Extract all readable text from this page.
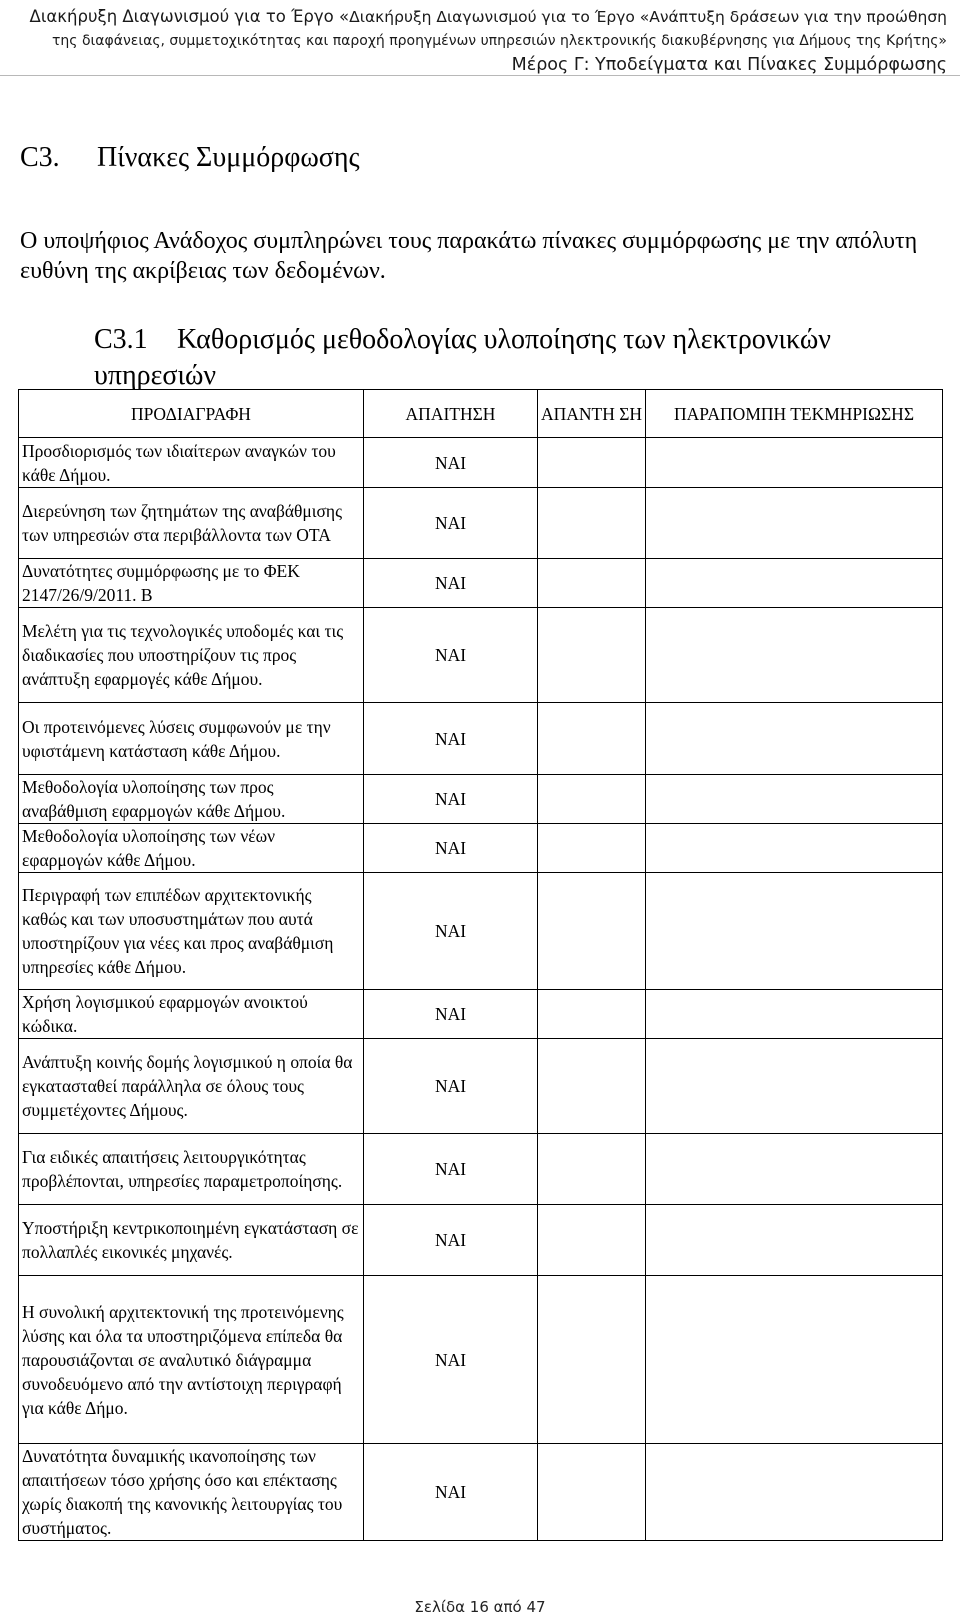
Διακήρυξη Διαγωνισμού για το Έργο «Διακήρυξη Διαγωνισμού για το Έργο «Ανάπτυξη δράσεων για την προώθηση
της διαφάνειας, συμμετοχικότητας και παροχή προηγμένων υπηρεσιών ηλεκτρονικής διακυβέρνησης για Δήμους της Κρήτης»
Μέρος Γ: Υποδείγματα και Πίνακες Συμμόρφωσης
C3. Πίνακες Συμμόρφωσης

Ο υποψήφιος Ανάδοχος συμπληρώνει τους παρακάτω πίνακες συμμόρφωσης με την απόλυτη ευθύνη της ακρίβειας των δεδομένων.

C3.1 Καθορισμός μεθοδολογίας υλοποίησης των ηλεκτρονικών υπηρεσιών
ΠΡΟΔΙΑΓΡΑΦΗ	ΑΠΑΙΤΗΣΗ	ΑΠΑΝΤΗ ΣΗ	ΠΑΡΑΠΟΜΠΗ ΤΕΚΜΗΡΙΩΣΗΣ
Προσδιορισμός των ιδιαίτερων αναγκών του κάθε Δήμου.	ΝΑΙ		
Διερεύνηση των ζητημάτων της αναβάθμισης των υπηρεσιών στα περιβάλλοντα των ΟΤΑ	ΝΑΙ		
Δυνατότητες συμμόρφωσης με το ΦΕΚ 2147/26/9/2011. Β	ΝΑΙ		
Μελέτη για τις τεχνολογικές υποδομές και τις διαδικασίες που υποστηρίζουν τις προς ανάπτυξη εφαρμογές κάθε Δήμου.	ΝΑΙ		
Οι προτεινόμενες λύσεις συμφωνούν με την υφιστάμενη κατάσταση κάθε Δήμου.	ΝΑΙ		
Μεθοδολογία υλοποίησης των προς αναβάθμιση εφαρμογών κάθε Δήμου.	ΝΑΙ		
Μεθοδολογία υλοποίησης των νέων εφαρμογών κάθε Δήμου.	ΝΑΙ		
Περιγραφή των επιπέδων αρχιτεκτονικής καθώς και των υποσυστημάτων που αυτά υποστηρίζουν για νέες και προς αναβάθμιση υπηρεσίες κάθε Δήμου.	ΝΑΙ		
Χρήση λογισμικού εφαρμογών ανοικτού κώδικα.	ΝΑΙ		
Ανάπτυξη κοινής δομής λογισμικού η οποία θα εγκατασταθεί παράλληλα σε όλους τους συμμετέχοντες Δήμους.	ΝΑΙ		
Για ειδικές απαιτήσεις λειτουργικότητας προβλέπονται, υπηρεσίες παραμετροποίησης.	ΝΑΙ		
Υποστήριξη κεντρικοποιημένη εγκατάσταση σε πολλαπλές εικονικές μηχανές.	ΝΑΙ		
Η συνολική αρχιτεκτονική της προτεινόμενης λύσης και όλα τα υποστηριζόμενα επίπεδα θα παρουσιάζονται σε αναλυτικό διάγραμμα συνοδευόμενο από την αντίστοιχη περιγραφή για κάθε Δήμο.	ΝΑΙ		
Δυνατότητα δυναμικής ικανοποίησης των απαιτήσεων τόσο χρήσης όσο και επέκτασης χωρίς διακοπή της κανονικής λειτουργίας του συστήματος.	ΝΑΙ		
Σελίδα 16 από 47
